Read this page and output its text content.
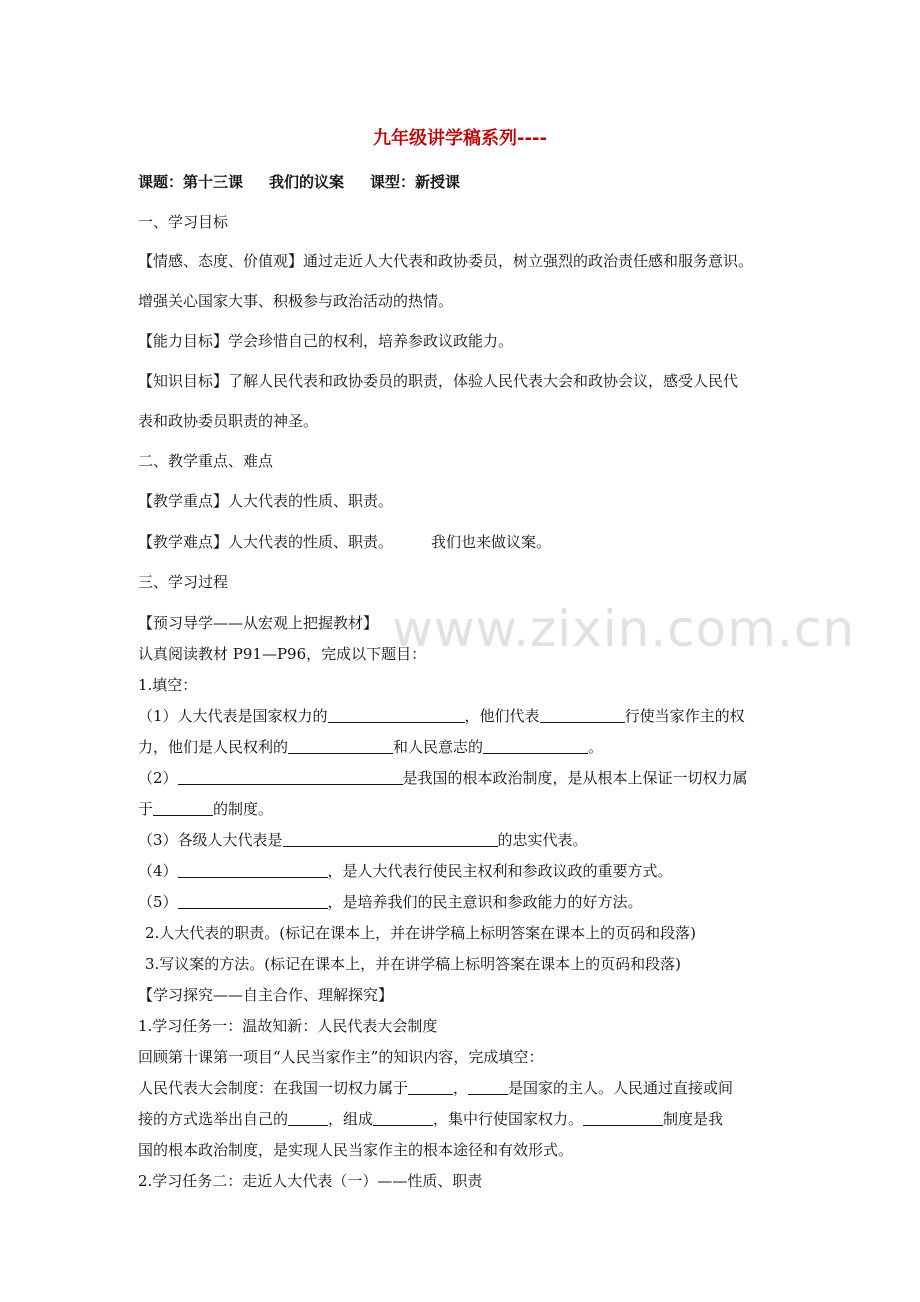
九年级讲学稿系列----
课题：第十三课 我们的议案 课型：新授课
一、学习目标
【情感、态度、价值观】通过走近人大代表和政协委员，树立强烈的政治责任感和服务意识。
增强关心国家大事、积极参与政治活动的热情。
【能力目标】学会珍惜自己的权利，培养参政议政能力。
【知识目标】了解人民代表和政协委员的职责，体验人民代表大会和政协会议，感受人民代
表和政协委员职责的神圣。
二、教学重点、难点
【教学重点】人大代表的性质、职责。
【教学难点】人大代表的性质、职责。	我们也来做议案。
三、学习过程
【预习导学——从宏观上把握教材】
认真阅读教材 P91—P96，完成以下题目：
1.填空：
（1）人大代表是国家权力的	，他们代表	行使当家作主的权
力，他们是人民权利的	和人民意志的	。
（2）	是我国的根本政治制度，是从根本上保证一切权力属
于	的制度。
（3）各级人大代表是	的忠实代表。
（4）	，是人大代表行使民主权利和参政议政的重要方式。
（5）	，是培养我们的民主意识和参政能力的好方法。
2.人大代表的职责。(标记在课本上，并在讲学稿上标明答案在课本上的页码和段落)
3.写议案的方法。(标记在课本上，并在讲学稿上标明答案在课本上的页码和段落)
【学习探究——自主合作、理解探究】
1.学习任务一：温故知新：人民代表大会制度
回顾第十课第一项目“人民当家作主”的知识内容，完成填空：
人民代表大会制度：在我国一切权力属于	，	是国家的主人。人民通过直接或间
接的方式选举出自己的	，组成	，集中行使国家权力。	制度是我
国的根本政治制度，是实现人民当家作主的根本途径和有效形式。
2.学习任务二：走近人大代表（一）——性质、职责
www.zixin.com.cn
